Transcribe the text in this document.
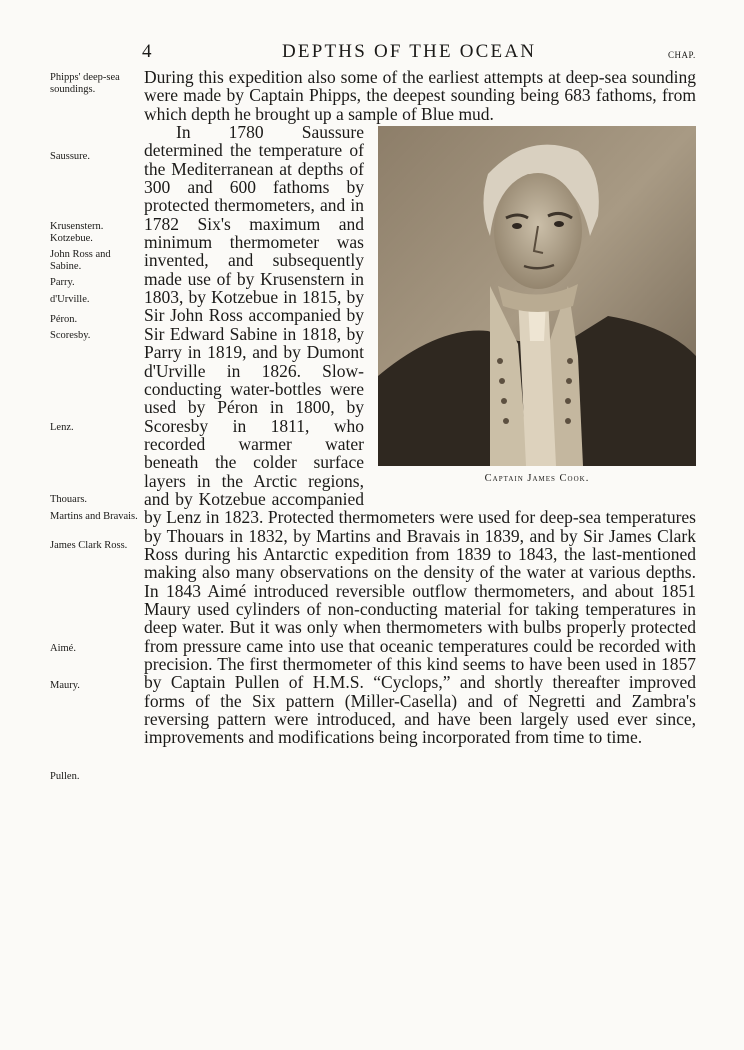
4	DEPTHS OF THE OCEAN	CHAP.
Phipps' deep-sea soundings.
Saussure.
Krusenstern. Kotzebue.
John Ross and Sabine.
Parry.
d'Urville.
Péron.
Scoresby.
Lenz.
Thouars.
Martins and Bravais.
James Clark Ross.
Aimé.
Maury.
Pullen.

During this expedition also some of the earliest attempts at deep-sea sounding were made by Captain Phipps, the deepest sounding being 683 fathoms, from which depth he brought up a sample of Blue mud.

Captain James Cook.

In 1780 Saussure determined the temperature of the Mediterranean at depths of 300 and 600 fathoms by protected thermometers, and in 1782 Six's maximum and minimum thermometer was invented, and subsequently made use of by Krusenstern in 1803, by Kotzebue in 1815, by Sir John Ross accompanied by Sir Edward Sabine in 1818, by Parry in 1819, and by Dumont d'Urville in 1826. Slow-conducting water-bottles were used by Péron in 1800, by Scoresby in 1811, who recorded warmer water beneath the colder surface layers in the Arctic regions, and by Kotzebue accompanied by Lenz in 1823. Protected thermometers were used for deep-sea temperatures by Thouars in 1832, by Martins and Bravais in 1839, and by Sir James Clark Ross during his Antarctic expedition from 1839 to 1843, the last-mentioned making also many observations on the density of the water at various depths. In 1843 Aimé introduced reversible outflow thermometers, and about 1851 Maury used cylinders of non-conducting material for taking temperatures in deep water. But it was only when thermometers with bulbs properly protected from pressure came into use that oceanic temperatures could be recorded with precision. The first thermometer of this kind seems to have been used in 1857 by Captain Pullen of H.M.S. “Cyclops,” and shortly thereafter improved forms of the Six pattern (Miller-Casella) and of Negretti and Zambra's reversing pattern were introduced, and have been largely used ever since, improvements and modifications being incorporated from time to time.
